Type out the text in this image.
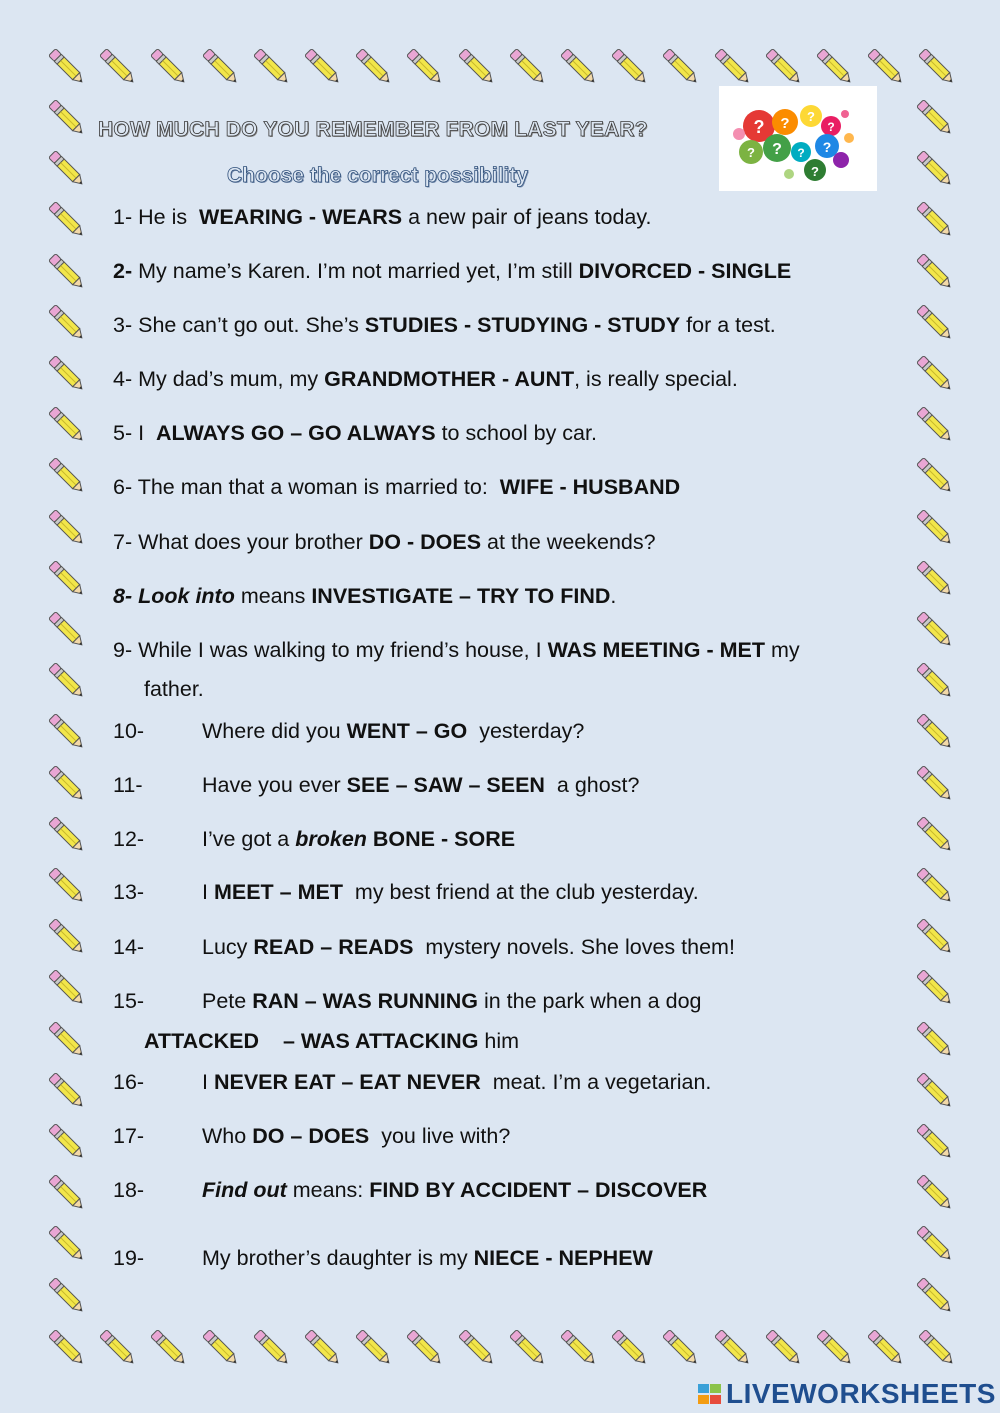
HOW MUCH DO YOU REMEMBER FROM LAST YEAR?
Choose the correct possibility
? ? ?
?	?
?
?
?
?
1- He is  WEARING - WEARS a new pair of jeans today.
2- My name’s Karen. I’m not married yet, I’m still DIVORCED - SINGLE
3- She can’t go out. She’s STUDIES - STUDYING - STUDY for a test.
4- My dad’s mum, my GRANDMOTHER - AUNT, is really special.
5- I  ALWAYS GO – GO ALWAYS to school by car.
6- The man that a woman is married to:  WIFE - HUSBAND
7- What does your brother DO - DOES at the weekends?
8- Look into means INVESTIGATE – TRY TO FIND.
9- While I was walking to my friend’s house, I WAS MEETING - MET my
father.
10-	Where did you WENT – GO  yesterday?
11-	Have you ever SEE – SAW – SEEN  a ghost?
12-	I’ve got a broken BONE - SORE
13-	I MEET – MET  my best friend at the club yesterday.
14-	Lucy READ – READS  mystery novels. She loves them!
15-	Pete RAN – WAS RUNNING in the park when a dog
ATTACKED    – WAS ATTACKING him
16-	I NEVER EAT – EAT NEVER  meat. I’m a vegetarian.
17-	Who DO – DOES  you live with?
18-	Find out means: FIND BY ACCIDENT – DISCOVER
19-	My brother’s daughter is my NIECE - NEPHEW
LIVEWORKSHEETS
